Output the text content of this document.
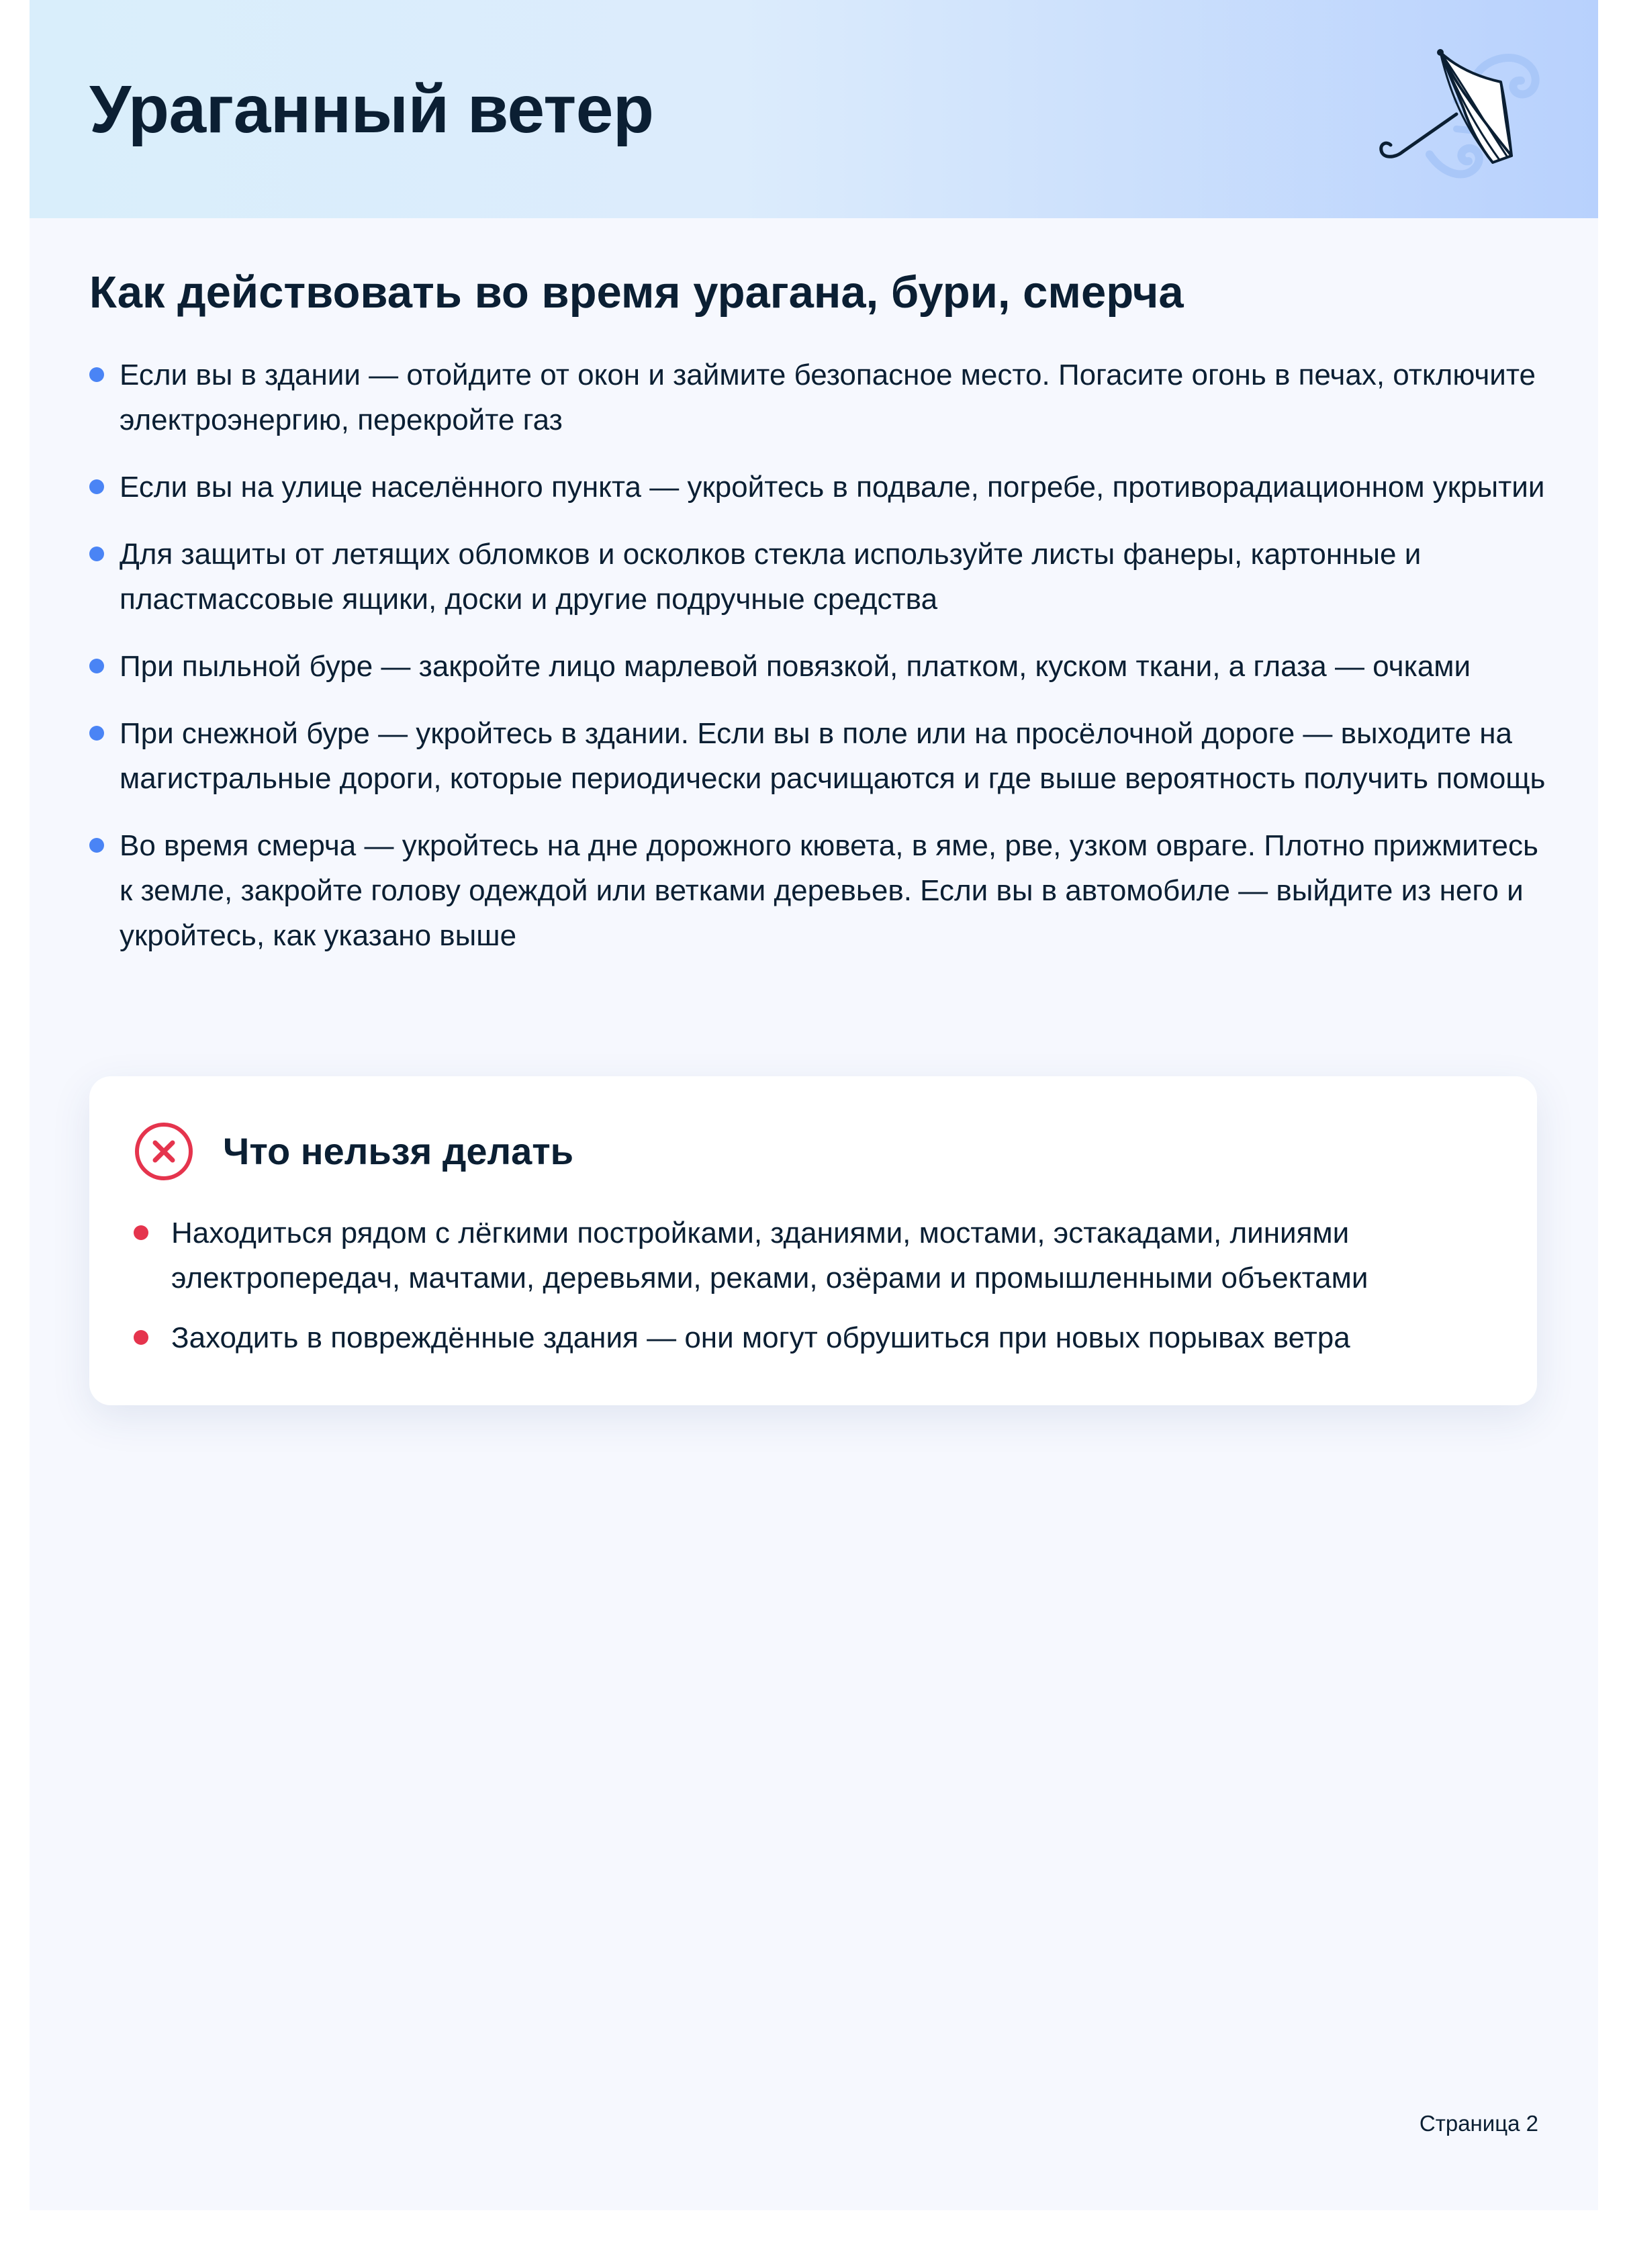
Ураганный ветер
Как действовать во время урагана, бури, смерча
Если вы в здании — отойдите от окон и займите безопасное место. Погасите огонь в печах, отключите электроэнергию, перекройте газ
Если вы на улице населённого пункта — укройтесь в подвале, погребе, противорадиационном укрытии
Для защиты от летящих обломков и осколков стекла используйте листы фанеры, картонные и пластмассовые ящики, доски и другие подручные средства
При пыльной буре — закройте лицо марлевой повязкой, платком, куском ткани, а глаза — очками
При снежной буре — укройтесь в здании. Если вы в поле или на просёлочной дороге — выходите на магистральные дороги, которые периодически расчищаются и где выше вероятность получить помощь
Во время смерча — укройтесь на дне дорожного кювета, в яме, рве, узком овраге. Плотно прижмитесь к земле, закройте голову одеждой или ветками деревьев. Если вы в автомобиле — выйдите из него и укройтесь, как указано выше
Что нельзя делать
Находиться рядом с лёгкими постройками, зданиями, мостами, эстакадами, линиями электропередач, мачтами, деревьями, реками, озёрами и промышленными объектами
Заходить в повреждённые здания — они могут обрушиться при новых порывах ветра
Страница 2
